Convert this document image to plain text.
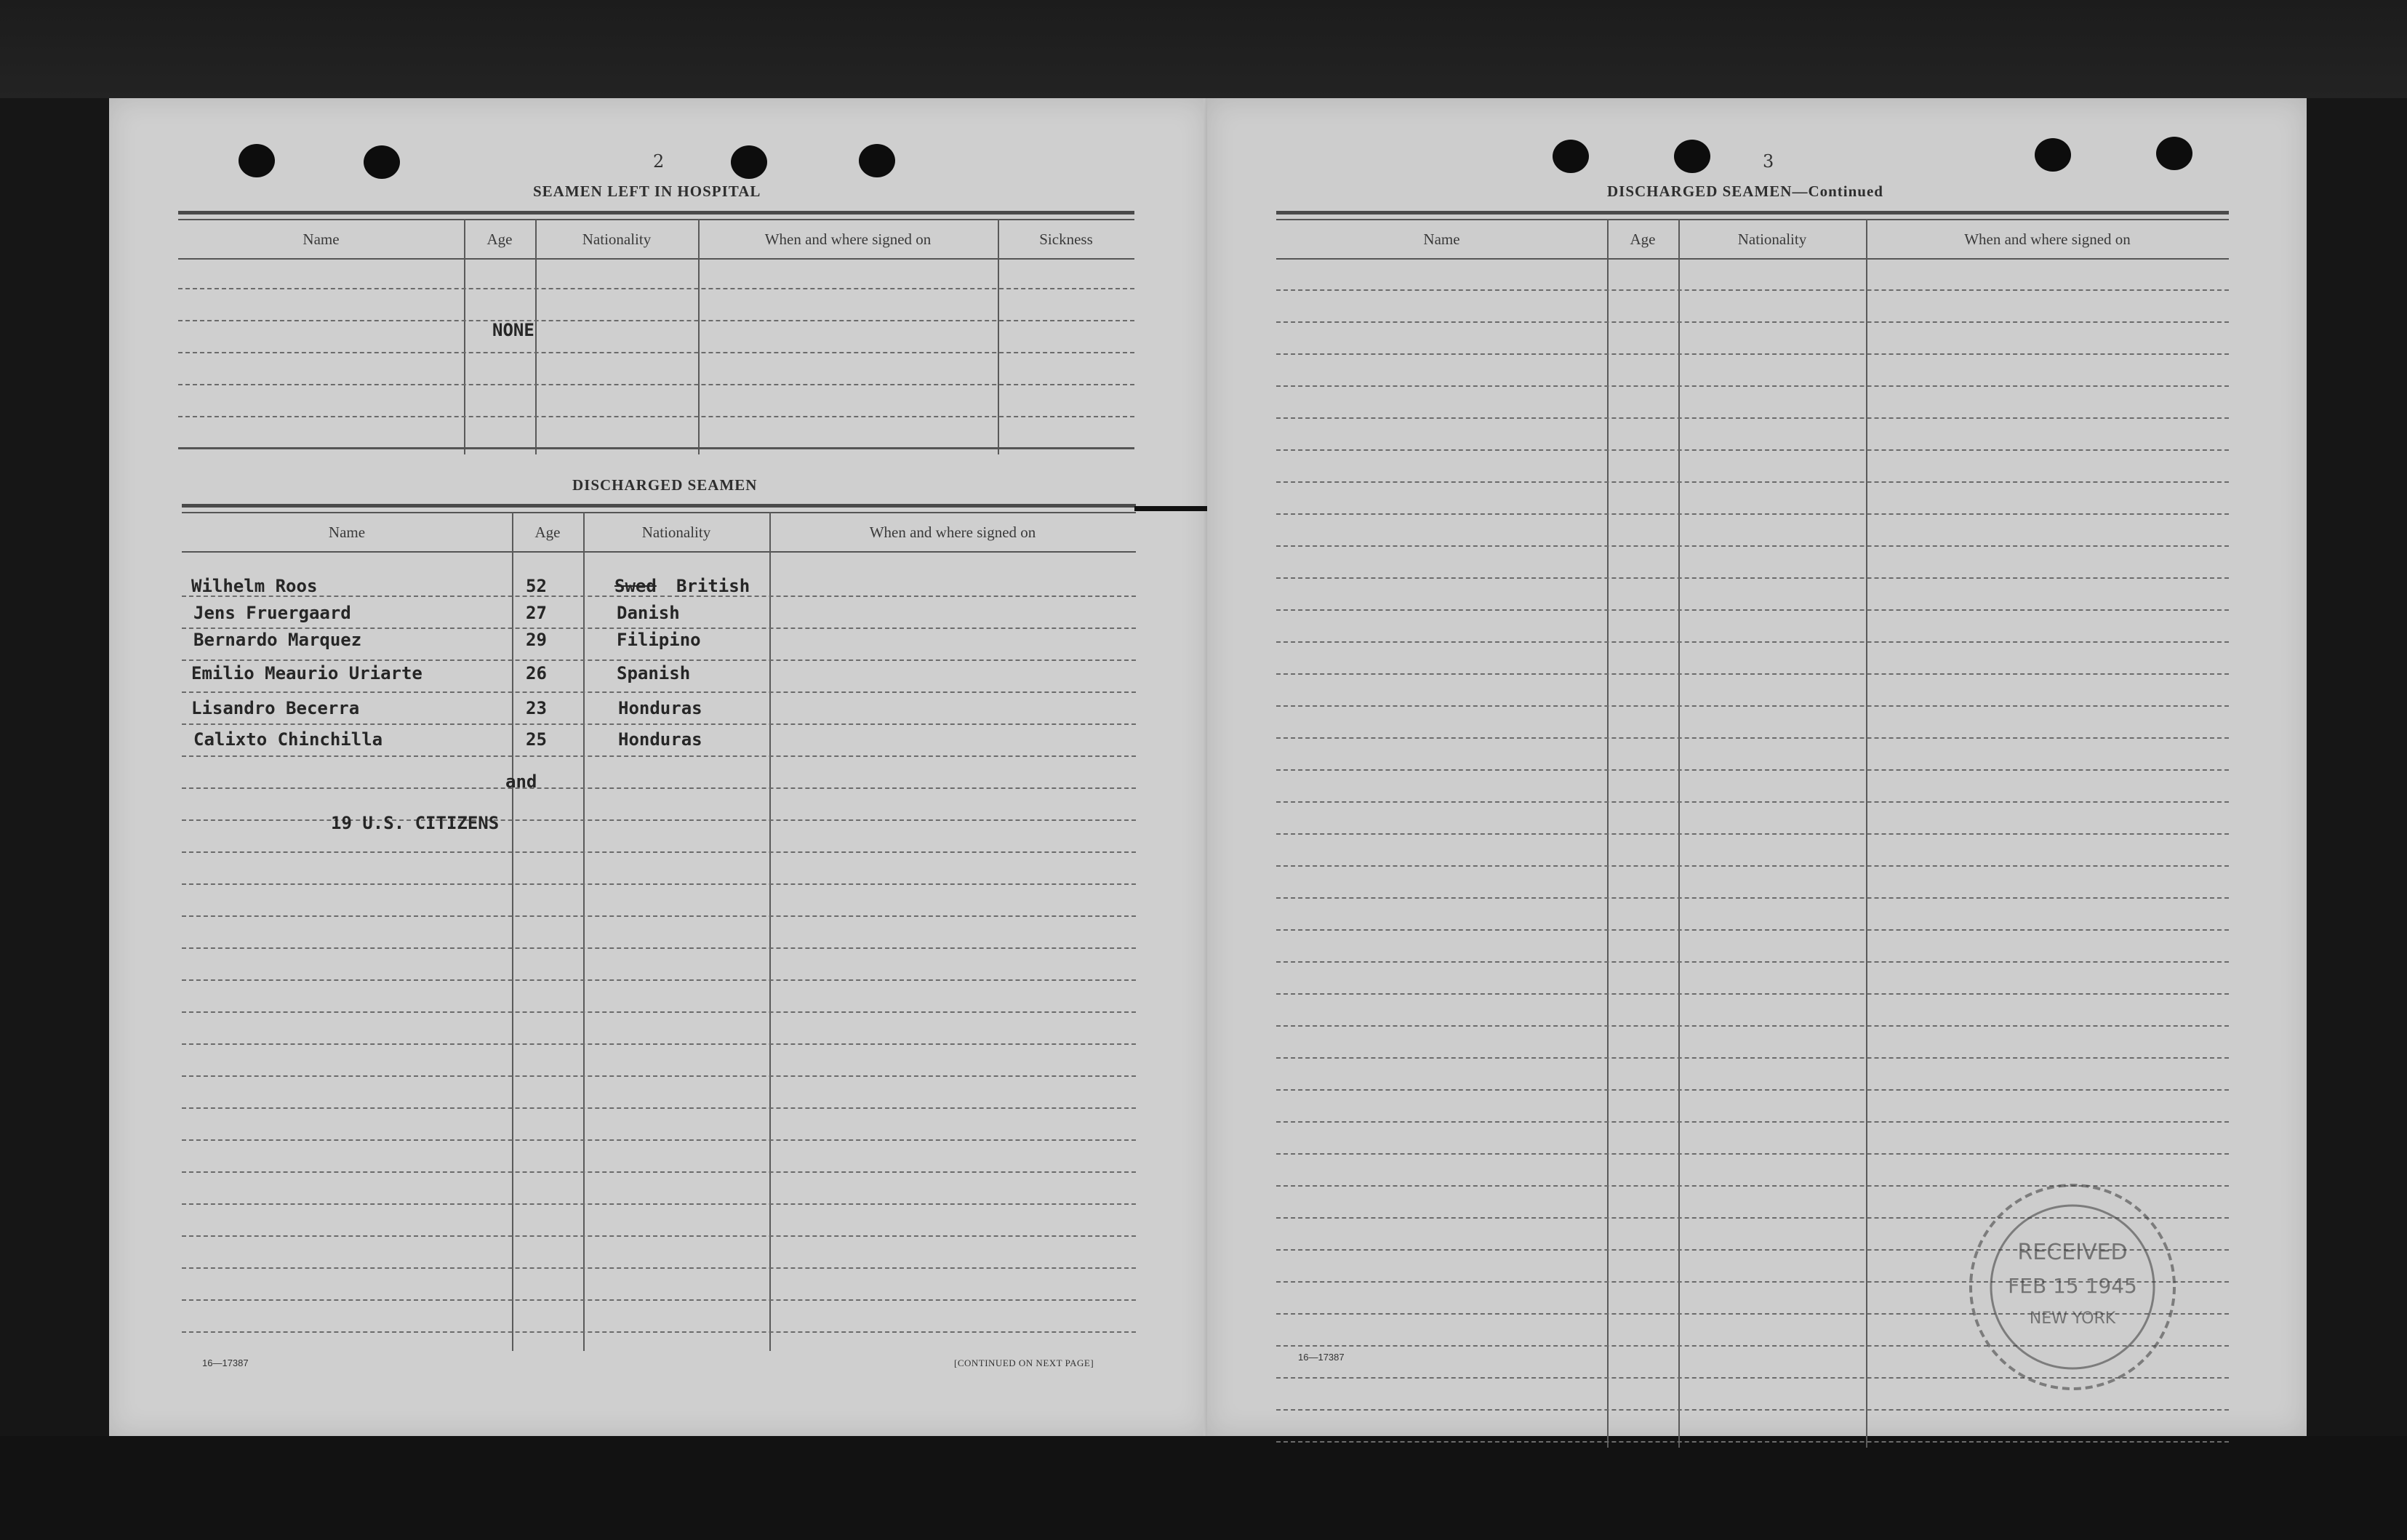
2
SEAMEN LEFT IN HOSPITAL
Name	Age	Nationality	When and where signed on	Sickness
NONE
DISCHARGED SEAMEN
Name	Age	Nationality	When and where signed on
Wilhelm Roos	52	Swed British
Jens Fruergaard	27	Danish
Bernardo Marquez	29	Filipino
Emilio Meaurio Uriarte	26	Spanish
Lisandro Becerra	23	Honduras
Calixto Chinchilla	25	Honduras
and
19 U.S. CITIZENS
16—17387	[CONTINUED ON NEXT PAGE]
3
DISCHARGED SEAMEN—Continued
Name	Age	Nationality	When and where signed on
16—17387
RECEIVED
FEB 15 1945
NEW YORK
